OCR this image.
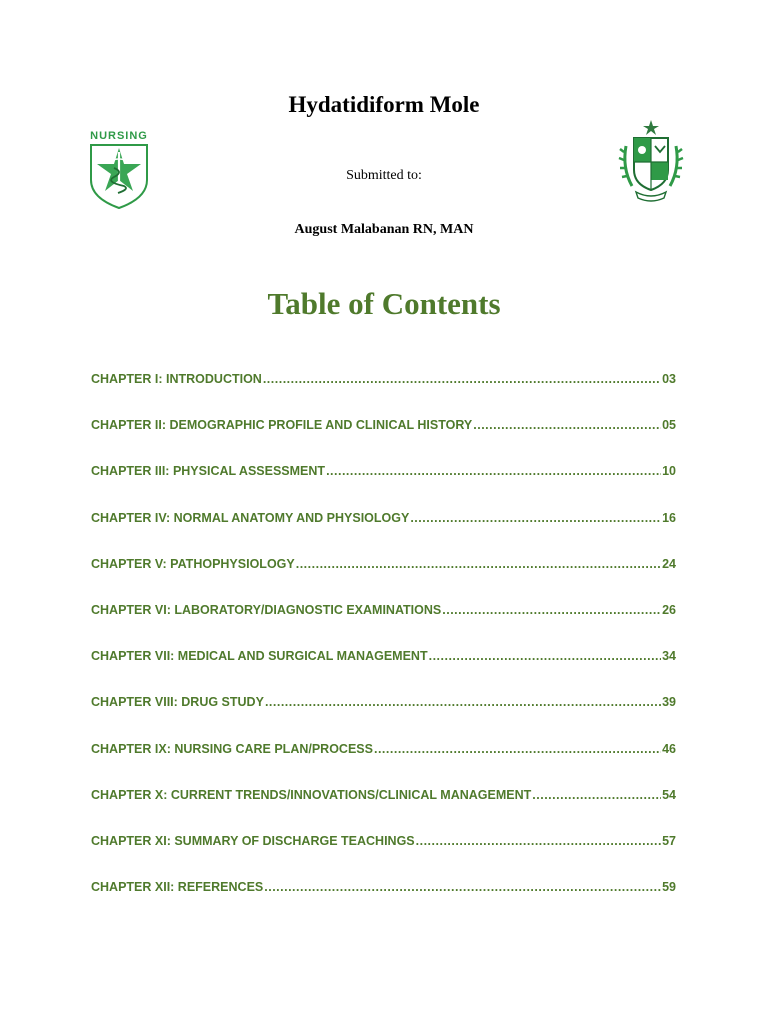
NURSING
Hydatidiform Mole
Submitted to:
August Malabanan RN, MAN
Table of Contents
CHAPTER I: INTRODUCTION .....	03
CHAPTER II: DEMOGRAPHIC PROFILE AND CLINICAL HISTORY .....	05
CHAPTER III: PHYSICAL ASSESSMENT .....	10
CHAPTER IV: NORMAL ANATOMY AND PHYSIOLOGY .....	16
CHAPTER V: PATHOPHYSIOLOGY .....	24
CHAPTER VI: LABORATORY/DIAGNOSTIC EXAMINATIONS .....	26
CHAPTER VII: MEDICAL AND SURGICAL MANAGEMENT .....	34
CHAPTER VIII: DRUG STUDY .....	39
CHAPTER IX: NURSING CARE PLAN/PROCESS .....	46
CHAPTER X: CURRENT TRENDS/INNOVATIONS/CLINICAL MANAGEMENT .....	54
CHAPTER XI: SUMMARY OF DISCHARGE TEACHINGS .....	57
CHAPTER XII: REFERENCES .....	59
